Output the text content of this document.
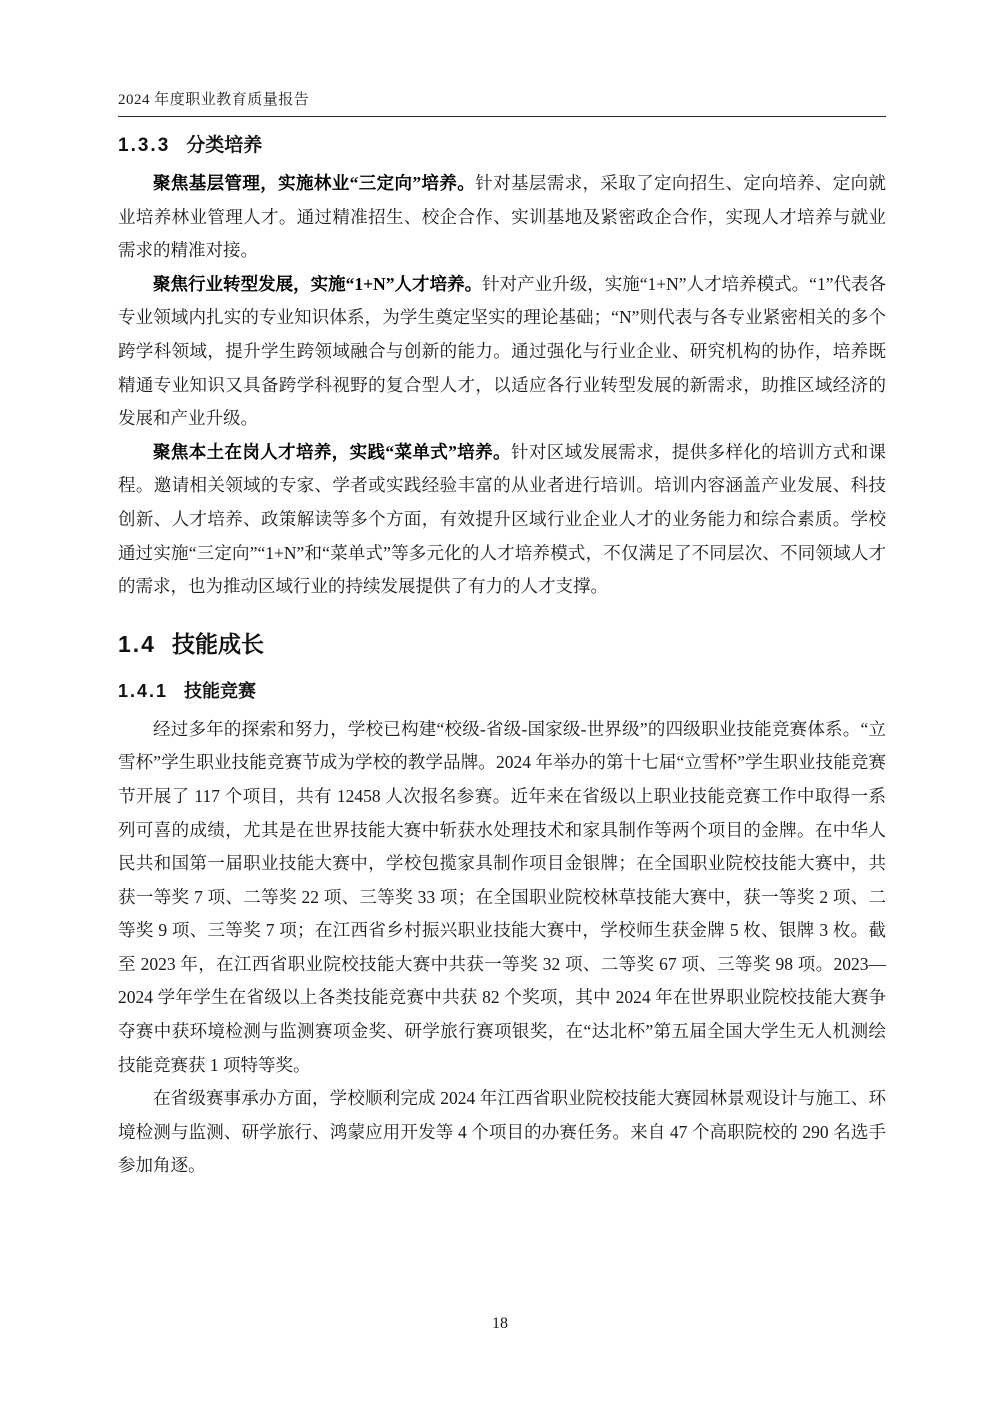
2024 年度职业教育质量报告
1.3.3 分类培养

聚焦基层管理，实施林业“三定向”培养。针对基层需求，采取了定向招生、定向培养、定向就业培养林业管理人才。通过精准招生、校企合作、实训基地及紧密政企合作，实现人才培养与就业需求的精准对接。

聚焦行业转型发展，实施“1+N”人才培养。针对产业升级，实施“1+N”人才培养模式。“1”代表各专业领域内扎实的专业知识体系，为学生奠定坚实的理论基础；“N”则代表与各专业紧密相关的多个跨学科领域，提升学生跨领域融合与创新的能力。通过强化与行业企业、研究机构的协作，培养既精通专业知识又具备跨学科视野的复合型人才，以适应各行业转型发展的新需求，助推区域经济的发展和产业升级。

聚焦本土在岗人才培养，实践“菜单式”培养。针对区域发展需求，提供多样化的培训方式和课程。邀请相关领域的专家、学者或实践经验丰富的从业者进行培训。培训内容涵盖产业发展、科技创新、人才培养、政策解读等多个方面，有效提升区域行业企业人才的业务能力和综合素质。学校通过实施“三定向”“1+N”和“菜单式”等多元化的人才培养模式，不仅满足了不同层次、不同领域人才的需求，也为推动区域行业的持续发展提供了有力的人才支撑。

1.4 技能成长
1.4.1 技能竞赛

经过多年的探索和努力，学校已构建“校级-省级-国家级-世界级”的四级职业技能竞赛体系。“立雪杯”学生职业技能竞赛节成为学校的教学品牌。2024 年举办的第十七届“立雪杯”学生职业技能竞赛节开展了 117 个项目，共有 12458 人次报名参赛。近年来在省级以上职业技能竞赛工作中取得一系列可喜的成绩，尤其是在世界技能大赛中斩获水处理技术和家具制作等两个项目的金牌。在中华人民共和国第一届职业技能大赛中，学校包揽家具制作项目金银牌；在全国职业院校技能大赛中，共获一等奖 7 项、二等奖 22 项、三等奖 33 项；在全国职业院校林草技能大赛中，获一等奖 2 项、二等奖 9 项、三等奖 7 项；在江西省乡村振兴职业技能大赛中，学校师生获金牌 5 枚、银牌 3 枚。截至 2023 年，在江西省职业院校技能大赛中共获一等奖 32 项、二等奖 67 项、三等奖 98 项。2023—2024 学年学生在省级以上各类技能竞赛中共获 82 个奖项，其中 2024 年在世界职业院校技能大赛争夺赛中获环境检测与监测赛项金奖、研学旅行赛项银奖，在“达北杯”第五届全国大学生无人机测绘技能竞赛获 1 项特等奖。

在省级赛事承办方面，学校顺利完成 2024 年江西省职业院校技能大赛园林景观设计与施工、环境检测与监测、研学旅行、鸿蒙应用开发等 4 个项目的办赛任务。来自 47 个高职院校的 290 名选手参加角逐。

18
